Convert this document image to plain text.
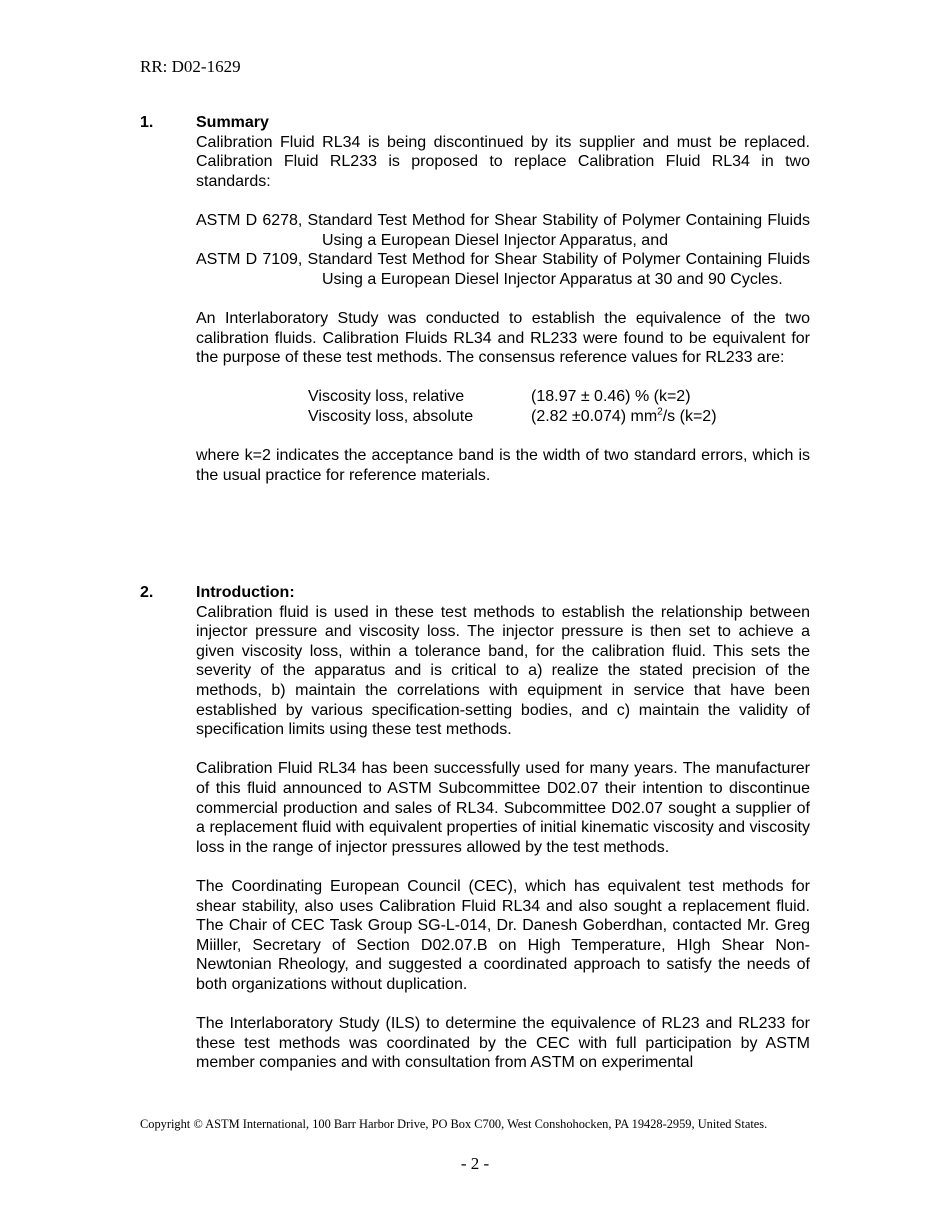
RR: D02-1629
1.	Summary

Calibration Fluid RL34 is being discontinued by its supplier and must be replaced. Calibration Fluid RL233 is proposed to replace Calibration Fluid RL34 in two standards:

ASTM D 6278, Standard Test Method for Shear Stability of Polymer Containing Fluids Using a European Diesel Injector Apparatus, and

ASTM D 7109, Standard Test Method for Shear Stability of Polymer Containing Fluids Using a European Diesel Injector Apparatus at 30 and 90 Cycles.

An Interlaboratory Study was conducted to establish the equivalence of the two calibration fluids. Calibration Fluids RL34 and RL233 were found to be equivalent for the purpose of these test methods. The consensus reference values for RL233 are:

Viscosity loss, relative	(18.97 ± 0.46) % (k=2)
Viscosity loss, absolute	(2.82 ±0.074) $mm^2/s$ (k=2)

where k=2 indicates the acceptance band is the width of two standard errors, which is the usual practice for reference materials.

2.	Introduction:

Calibration fluid is used in these test methods to establish the relationship between injector pressure and viscosity loss. The injector pressure is then set to achieve a given viscosity loss, within a tolerance band, for the calibration fluid. This sets the severity of the apparatus and is critical to a) realize the stated precision of the methods, b) maintain the correlations with equipment in service that have been established by various specification-setting bodies, and c) maintain the validity of specification limits using these test methods.

Calibration Fluid RL34 has been successfully used for many years. The manufacturer of this fluid announced to ASTM Subcommittee D02.07 their intention to discontinue commercial production and sales of RL34. Subcommittee D02.07 sought a supplier of a replacement fluid with equivalent properties of initial kinematic viscosity and viscosity loss in the range of injector pressures allowed by the test methods.

The Coordinating European Council (CEC), which has equivalent test methods for shear stability, also uses Calibration Fluid RL34 and also sought a replacement fluid. The Chair of CEC Task Group SG-L-014, Dr. Danesh Goberdhan, contacted Mr. Greg Miiller, Secretary of Section D02.07.B on High Temperature, HIgh Shear Non-Newtonian Rheology, and suggested a coordinated approach to satisfy the needs of both organizations without duplication.

The Interlaboratory Study (ILS) to determine the equivalence of RL23 and RL233 for these test methods was coordinated by the CEC with full participation by ASTM member companies and with consultation from ASTM on experimental

Copyright © ASTM International, 100 Barr Harbor Drive, PO Box C700, West Conshohocken, PA 19428-2959, United States.
- 2 -
